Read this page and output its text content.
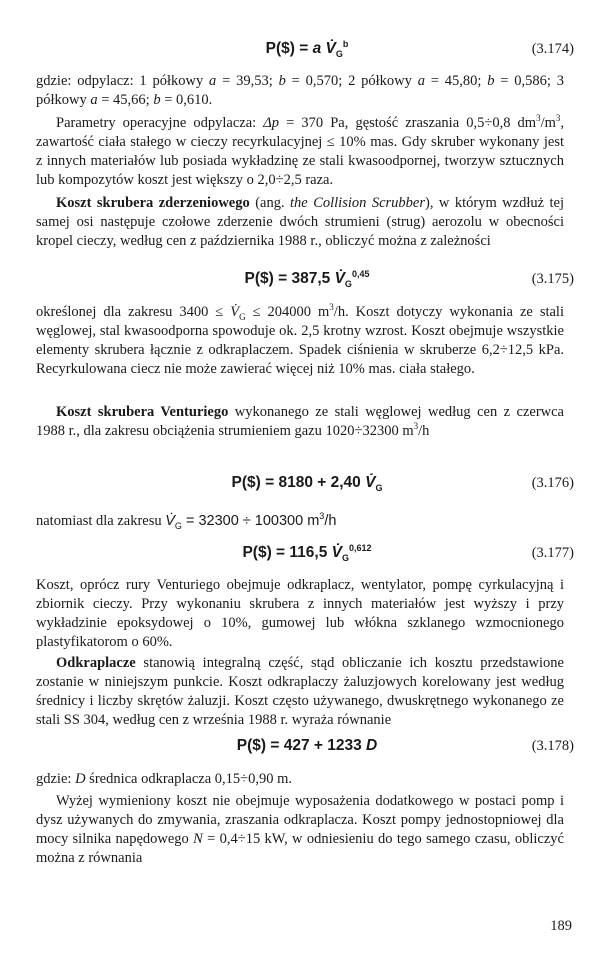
P($) = a $V̇_G^b$	(3.174)

gdzie: odpylacz: 1 półkowy a = 39,53; b = 0,570; 2 półkowy a = 45,80; b = 0,586; 3 półkowy a = 45,66; b = 0,610.

Parametry operacyjne odpylacza: Δp = 370 Pa, gęstość zraszania 0,5÷0,8 $dm^3/m^3$, zawartość ciała stałego w cieczy recyrkulacyjnej ≤ 10% mas. Gdy skruber wykonany jest z innych materiałów lub posiada wykładzinę ze stali kwasoodpornej, tworzyw sztucznych lub kompozytów koszt jest większy o 2,0÷2,5 raza.

Koszt skrubera zderzeniowego (ang. the Collision Scrubber), w którym wzdłuż tej samej osi następuje czołowe zderzenie dwóch strumieni (strug) aerozolu w obecności kropel cieczy, według cen z października 1988 r., obliczyć można z zależności

P($) = 387,5 $V̇_G^{0,45}$	(3.175)

określonej dla zakresu $3400 \le V̇_G \le 204000$ $m^3/h$. Koszt dotyczy wykonania ze stali węglowej, stal kwasoodporna spowoduje ok. 2,5 krotny wzrost. Koszt obejmuje wszystkie elementy skrubera łącznie z odkraplaczem. Spadek ciśnienia w skruberze 6,2÷12,5 kPa. Recyrkulowana ciecz nie może zawierać więcej niż 10% mas. ciała stałego.

Koszt skrubera Venturiego wykonanego ze stali węglowej według cen z czerwca 1988 r., dla zakresu obciążenia strumieniem gazu 1020÷32300 $m^3/h$

P($) = 8180 + 2,40 $V̇_G$	(3.176)

natomiast dla zakresu $V̇_G = 32300 \div 100300$ $m^3/h$

P($) = 116,5 $V̇_G^{0,612}$	(3.177)

Koszt, oprócz rury Venturiego obejmuje odkraplacz, wentylator, pompę cyrkulacyjną i zbiornik cieczy. Przy wykonaniu skrubera z innych materiałów jest wyższy i przy wykładzinie epoksydowej o 10%, gumowej lub włókna szklanego wzmocnionego plastyfikatorom o 60%.

Odkraplacze stanowią integralną część, stąd obliczanie ich kosztu przedstawione zostanie w niniejszym punkcie. Koszt odkraplaczy żaluzjowych korelowany jest według średnicy i liczby skrętów żaluzji. Koszt często używanego, dwuskrętnego wykonanego ze stali SS 304, według cen z września 1988 r. wyraża równanie

P($) = 427 + 1233 D	(3.178)

gdzie: D średnica odkraplacza 0,15÷0,90 m.

Wyżej wymieniony koszt nie obejmuje wyposażenia dodatkowego w postaci pomp i dysz używanych do zmywania, zraszania odkraplacza. Koszt pompy jednostopniowej dla mocy silnika napędowego N = 0,4÷15 kW, w odniesieniu do tego samego czasu, obliczyć można z równania

189
